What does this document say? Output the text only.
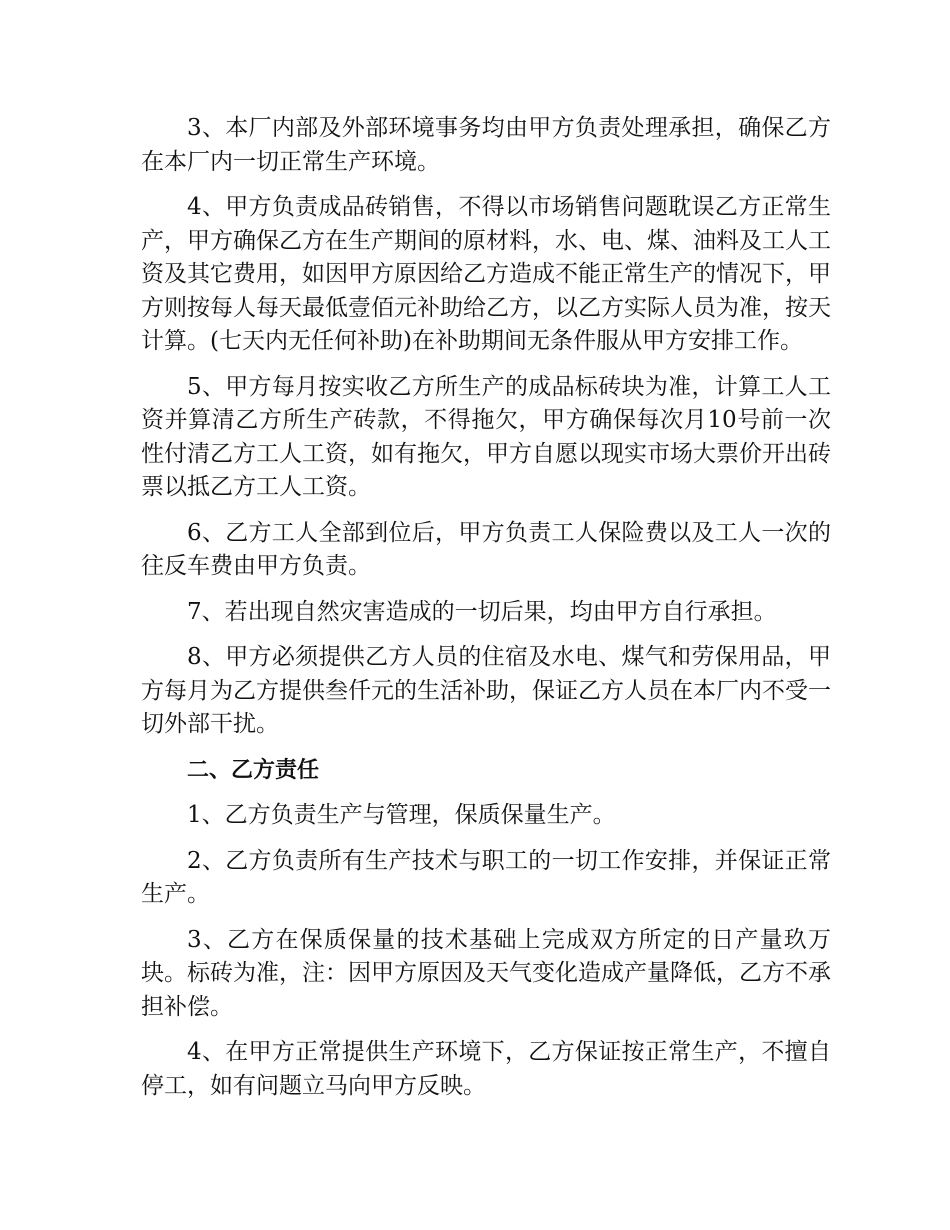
3、本厂内部及外部环境事务均由甲方负责处理承担，确保乙方在本厂内一切正常生产环境。

4、甲方负责成品砖销售，不得以市场销售问题耽误乙方正常生产，甲方确保乙方在生产期间的原材料，水、电、煤、油料及工人工资及其它费用，如因甲方原因给乙方造成不能正常生产的情况下，甲方则按每人每天最低壹佰元补助给乙方，以乙方实际人员为准，按天计算。(七天内无任何补助)在补助期间无条件服从甲方安排工作。

5、甲方每月按实收乙方所生产的成品标砖块为准，计算工人工资并算清乙方所生产砖款，不得拖欠，甲方确保每次月10号前一次性付清乙方工人工资，如有拖欠，甲方自愿以现实市场大票价开出砖票以抵乙方工人工资。

6、乙方工人全部到位后，甲方负责工人保险费以及工人一次的往反车费由甲方负责。

7、若出现自然灾害造成的一切后果，均由甲方自行承担。

8、甲方必须提供乙方人员的住宿及水电、煤气和劳保用品，甲方每月为乙方提供叁仟元的生活补助，保证乙方人员在本厂内不受一切外部干扰。

二、乙方责任

1、乙方负责生产与管理，保质保量生产。

2、乙方负责所有生产技术与职工的一切工作安排，并保证正常生产。

3、乙方在保质保量的技术基础上完成双方所定的日产量玖万块。标砖为准，注：因甲方原因及天气变化造成产量降低，乙方不承担补偿。

4、在甲方正常提供生产环境下，乙方保证按正常生产，不擅自停工，如有问题立马向甲方反映。
